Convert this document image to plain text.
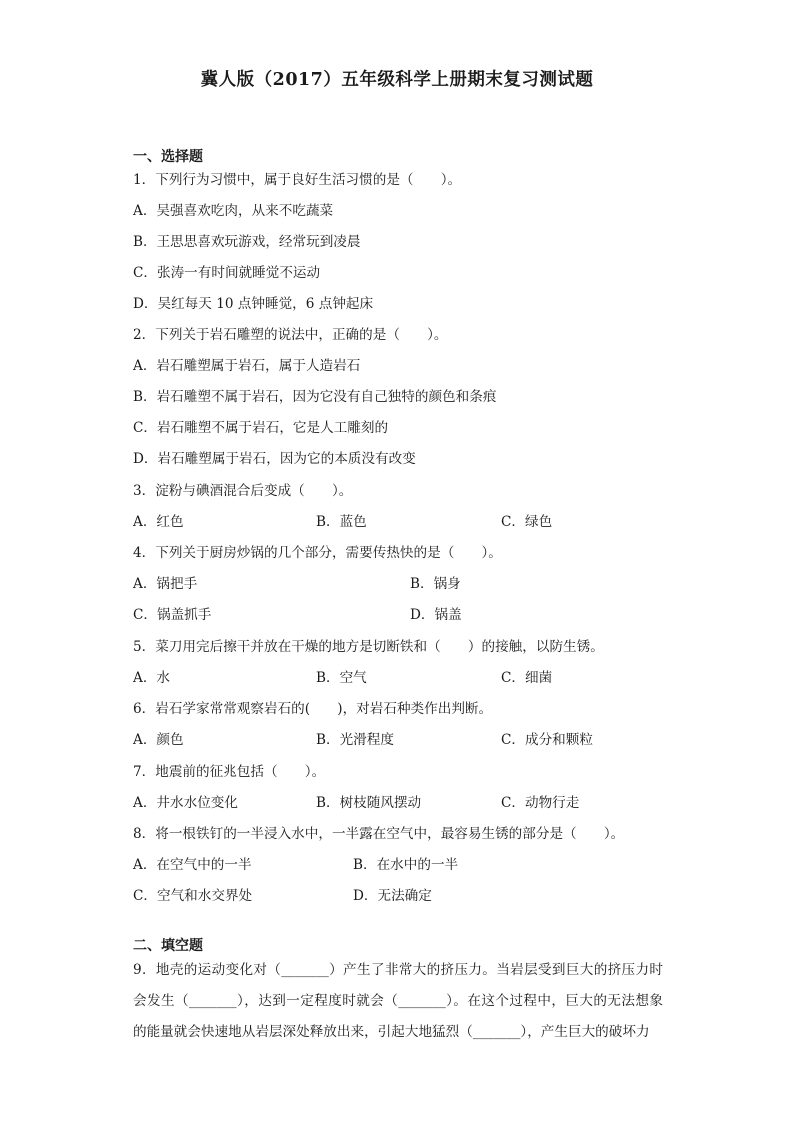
冀人版（2017）五年级科学上册期末复习测试题
一、选择题
1．下列行为习惯中，属于良好生活习惯的是（　　）。
A．吴强喜欢吃肉，从来不吃蔬菜
B．王思思喜欢玩游戏，经常玩到凌晨
C．张涛一有时间就睡觉不运动
D．吴红每天 10 点钟睡觉，6 点钟起床
2．下列关于岩石雕塑的说法中，正确的是（　　）。
A．岩石雕塑属于岩石，属于人造岩石
B．岩石雕塑不属于岩石，因为它没有自己独特的颜色和条痕
C．岩石雕塑不属于岩石，它是人工雕刻的
D．岩石雕塑属于岩石，因为它的本质没有改变
3．淀粉与碘酒混合后变成（　　）。
A．红色	B．蓝色	C．绿色
4．下列关于厨房炒锅的几个部分，需要传热快的是（　　）。
A．锅把手	B．锅身
C．锅盖抓手	D．锅盖
5．菜刀用完后擦干并放在干燥的地方是切断铁和（　　）的接触，以防生锈。
A．水	B．空气	C．细菌
6．岩石学家常常观察岩石的(　　)，对岩石种类作出判断。
A．颜色	B．光滑程度	C．成分和颗粒
7．地震前的征兆包括（　　）。
A．井水水位变化	B．树枝随风摆动	C．动物行走
8．将一根铁钉的一半浸入水中，一半露在空气中，最容易生锈的部分是（　　）。
A．在空气中的一半	B．在水中的一半
C．空气和水交界处	D．无法确定
二、填空题
9．地壳的运动变化对（_______）产生了非常大的挤压力。当岩层受到巨大的挤压力时会发生（_______），达到一定程度时就会（_______）。在这个过程中，巨大的无法想象的能量就会快速地从岩层深处释放出来，引起大地猛烈（_______），产生巨大的破坏力
